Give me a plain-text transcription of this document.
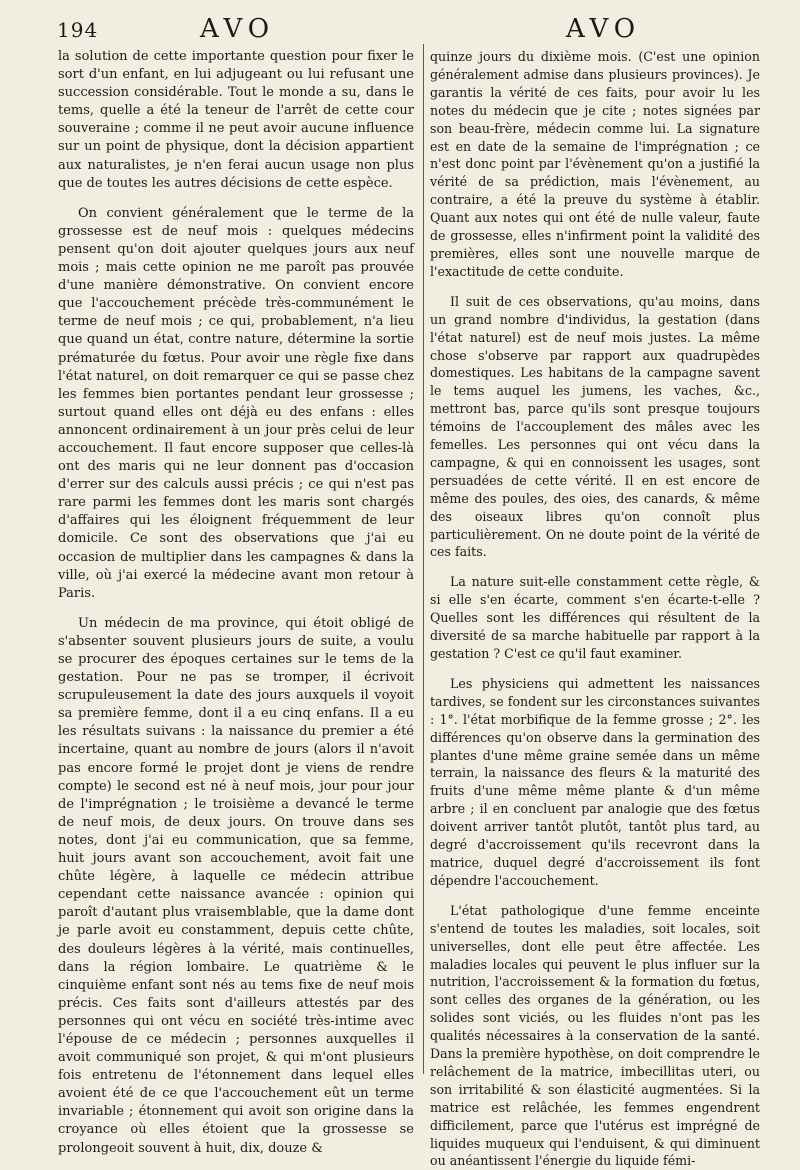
194	AVO	AVO

la solution de cette importante question pour fixer le sort d'un enfant, en lui adjugeant ou lui refusant une succession considérable. Tout le monde a su, dans le tems, quelle a été la teneur de l'arrêt de cette cour souveraine ; comme il ne peut avoir aucune influence sur un point de physique, dont la décision appartient aux naturalistes, je n'en ferai aucun usage non plus que de toutes les autres décisions de cette espèce.

On convient généralement que le terme de la grossesse est de neuf mois : quelques médecins pensent qu'on doit ajouter quelques jours aux neuf mois ; mais cette opinion ne me paroît pas prouvée d'une manière démonstrative. On convient encore que l'accouchement précède très-communément le terme de neuf mois ; ce qui, probablement, n'a lieu que quand un état, contre nature, détermine la sortie prématurée du fœtus. Pour avoir une règle fixe dans l'état naturel, on doit remarquer ce qui se passe chez les femmes bien portantes pendant leur grossesse ; surtout quand elles ont déjà eu des enfans : elles annoncent ordinairement à un jour près celui de leur accouchement. Il faut encore supposer que celles-là ont des maris qui ne leur donnent pas d'occasion d'errer sur des calculs aussi précis ; ce qui n'est pas rare parmi les femmes dont les maris sont chargés d'affaires qui les éloignent fréquemment de leur domicile. Ce sont des observations que j'ai eu occasion de multiplier dans les campagnes & dans la ville, où j'ai exercé la médecine avant mon retour à Paris.

Un médecin de ma province, qui étoit obligé de s'absenter souvent plusieurs jours de suite, a voulu se procurer des époques certaines sur le tems de la gestation. Pour ne pas se tromper, il écrivoit scrupuleusement la date des jours auxquels il voyoit sa première femme, dont il a eu cinq enfans. Il a eu les résultats suivans : la naissance du premier a été incertaine, quant au nombre de jours (alors il n'avoit pas encore formé le projet dont je viens de rendre compte) le second est né à neuf mois, jour pour jour de l'imprégnation ; le troisième a devancé le terme de neuf mois, de deux jours. On trouve dans ses notes, dont j'ai eu communication, que sa femme, huit jours avant son accouchement, avoit fait une chûte légère, à laquelle ce médecin attribue cependant cette naissance avancée : opinion qui paroît d'autant plus vraisemblable, que la dame dont je parle avoit eu constamment, depuis cette chûte, des douleurs légères à la vérité, mais continuelles, dans la région lombaire. Le quatrième & le cinquième enfant sont nés au tems fixe de neuf mois précis. Ces faits sont d'ailleurs attestés par des personnes qui ont vécu en société très-intime avec l'épouse de ce médecin ; personnes auxquelles il avoit communiqué son projet, & qui m'ont plusieurs fois entretenu de l'étonnement dans lequel elles avoient été de ce que l'accouchement eût un terme invariable ; étonnement qui avoit son origine dans la croyance où elles étoient que la grossesse se prolongeoit souvent à huit, dix, douze &

quinze jours du dixième mois. (C'est une opinion généralement admise dans plusieurs provinces). Je garantis la vérité de ces faits, pour avoir lu les notes du médecin que je cite ; notes signées par son beau-frère, médecin comme lui. La signature est en date de la semaine de l'imprégnation ; ce n'est donc point par l'évènement qu'on a justifié la vérité de sa prédiction, mais l'évènement, au contraire, a été la preuve du système à établir. Quant aux notes qui ont été de nulle valeur, faute de grossesse, elles n'infirment point la validité des premières, elles sont une nouvelle marque de l'exactitude de cette conduite.

Il suit de ces observations, qu'au moins, dans un grand nombre d'individus, la gestation (dans l'état naturel) est de neuf mois justes. La même chose s'observe par rapport aux quadrupèdes domestiques. Les habitans de la campagne savent le tems auquel les jumens, les vaches, &c., mettront bas, parce qu'ils sont presque toujours témoins de l'accouplement des mâles avec les femelles. Les personnes qui ont vécu dans la campagne, & qui en connoissent les usages, sont persuadées de cette vérité. Il en est encore de même des poules, des oies, des canards, & même des oiseaux libres qu'on connoît plus particulièrement. On ne doute point de la vérité de ces faits.

La nature suit-elle constamment cette règle, & si elle s'en écarte, comment s'en écarte-t-elle ? Quelles sont les différences qui résultent de la diversité de sa marche habituelle par rapport à la gestation ? C'est ce qu'il faut examiner.

Les physiciens qui admettent les naissances tardives, se fondent sur les circonstances suivantes : 1°. l'état morbifique de la femme grosse ; 2°. les différences qu'on observe dans la germination des plantes d'une même graine semée dans un même terrain, la naissance des fleurs & la maturité des fruits d'une même même plante & d'un même arbre ; il en concluent par analogie que des fœtus doivent arriver tantôt plutôt, tantôt plus tard, au degré d'accroissement qu'ils recevront dans la matrice, duquel degré d'accroissement ils font dépendre l'accouchement.

L'état pathologique d'une femme enceinte s'entend de toutes les maladies, soit locales, soit universelles, dont elle peut être affectée. Les maladies locales qui peuvent le plus influer sur la nutrition, l'accroissement & la formation du fœtus, sont celles des organes de la génération, ou les solides sont viciés, ou les fluides n'ont pas les qualités nécessaires à la conservation de la santé. Dans la première hypothèse, on doit comprendre le relâchement de la matrice, imbecillitas uteri, ou son irritabilité & son élasticité augmentées. Si la matrice est relâchée, les femmes engendrent difficilement, parce que l'utérus est imprégné de liquides muqueux qui l'enduisent, & qui diminuent ou anéantissent l'énergie du liquide fémi-
